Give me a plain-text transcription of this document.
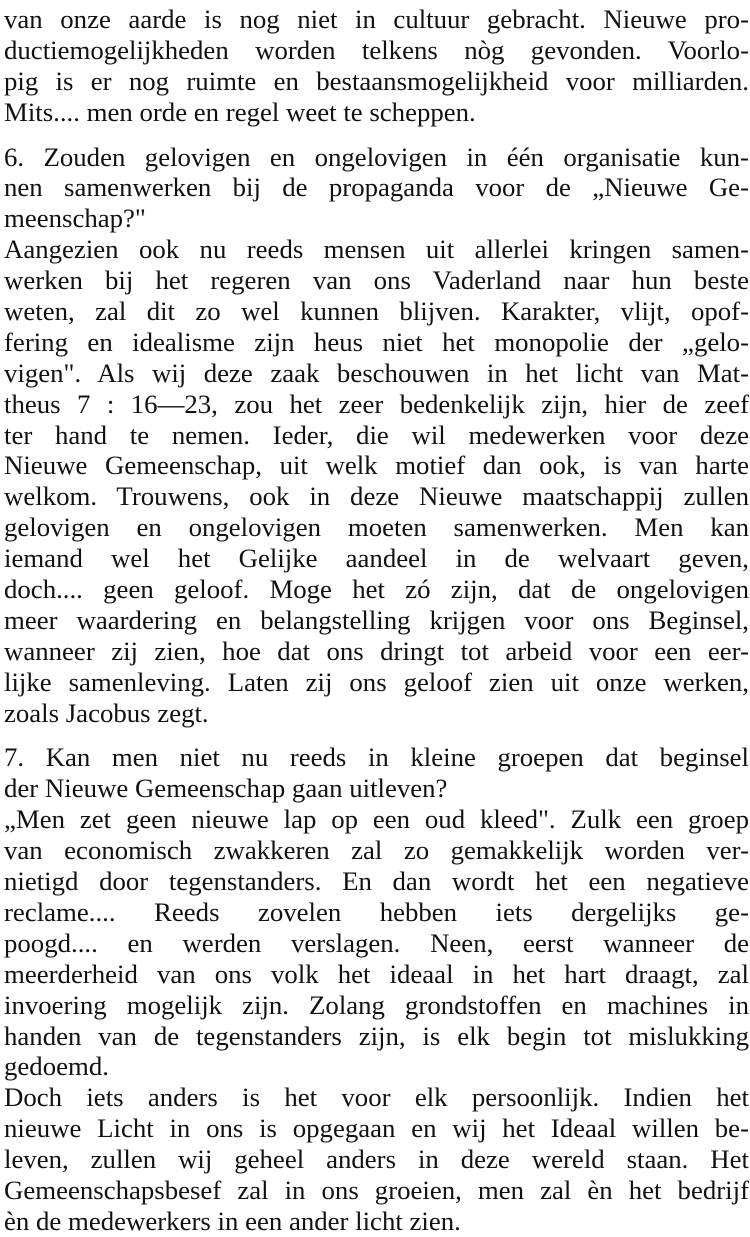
van onze aarde is nog niet in cultuur gebracht. Nieuwe pro-
ductiemogelijkheden worden telkens nòg gevonden. Voorlo-
pig is er nog ruimte en bestaansmogelijkheid voor milliarden.
Mits.... men orde en regel weet te scheppen.
6. Zouden gelovigen en ongelovigen in één organisatie kun-
nen samenwerken bij de propaganda voor de „Nieuwe Ge-
meenschap?"
Aangezien ook nu reeds mensen uit allerlei kringen samen-
werken bij het regeren van ons Vaderland naar hun beste
weten, zal dit zo wel kunnen blijven. Karakter, vlijt, opof-
fering en idealisme zijn heus niet het monopolie der „gelo-
vigen". Als wij deze zaak beschouwen in het licht van Mat-
theus 7 : 16—23, zou het zeer bedenkelijk zijn, hier de zeef
ter hand te nemen. Ieder, die wil medewerken voor deze
Nieuwe Gemeenschap, uit welk motief dan ook, is van harte
welkom. Trouwens, ook in deze Nieuwe maatschappij zullen
gelovigen en ongelovigen moeten samenwerken. Men kan
iemand wel het Gelijke aandeel in de welvaart geven,
doch.... geen geloof. Moge het zó zijn, dat de ongelovigen
meer waardering en belangstelling krijgen voor ons Beginsel,
wanneer zij zien, hoe dat ons dringt tot arbeid voor een eer-
lijke samenleving. Laten zij ons geloof zien uit onze werken,
zoals Jacobus zegt.
7. Kan men niet nu reeds in kleine groepen dat beginsel
der Nieuwe Gemeenschap gaan uitleven?
„Men zet geen nieuwe lap op een oud kleed". Zulk een groep
van economisch zwakkeren zal zo gemakkelijk worden ver-
nietigd door tegenstanders. En dan wordt het een negatieve
reclame.... Reeds zovelen hebben iets dergelijks ge-
poogd.... en werden verslagen. Neen, eerst wanneer de
meerderheid van ons volk het ideaal in het hart draagt, zal
invoering mogelijk zijn. Zolang grondstoffen en machines in
handen van de tegenstanders zijn, is elk begin tot mislukking
gedoemd.
Doch iets anders is het voor elk persoonlijk. Indien het
nieuwe Licht in ons is opgegaan en wij het Ideaal willen be-
leven, zullen wij geheel anders in deze wereld staan. Het
Gemeenschapsbesef zal in ons groeien, men zal èn het bedrijf
èn de medewerkers in een ander licht zien.
